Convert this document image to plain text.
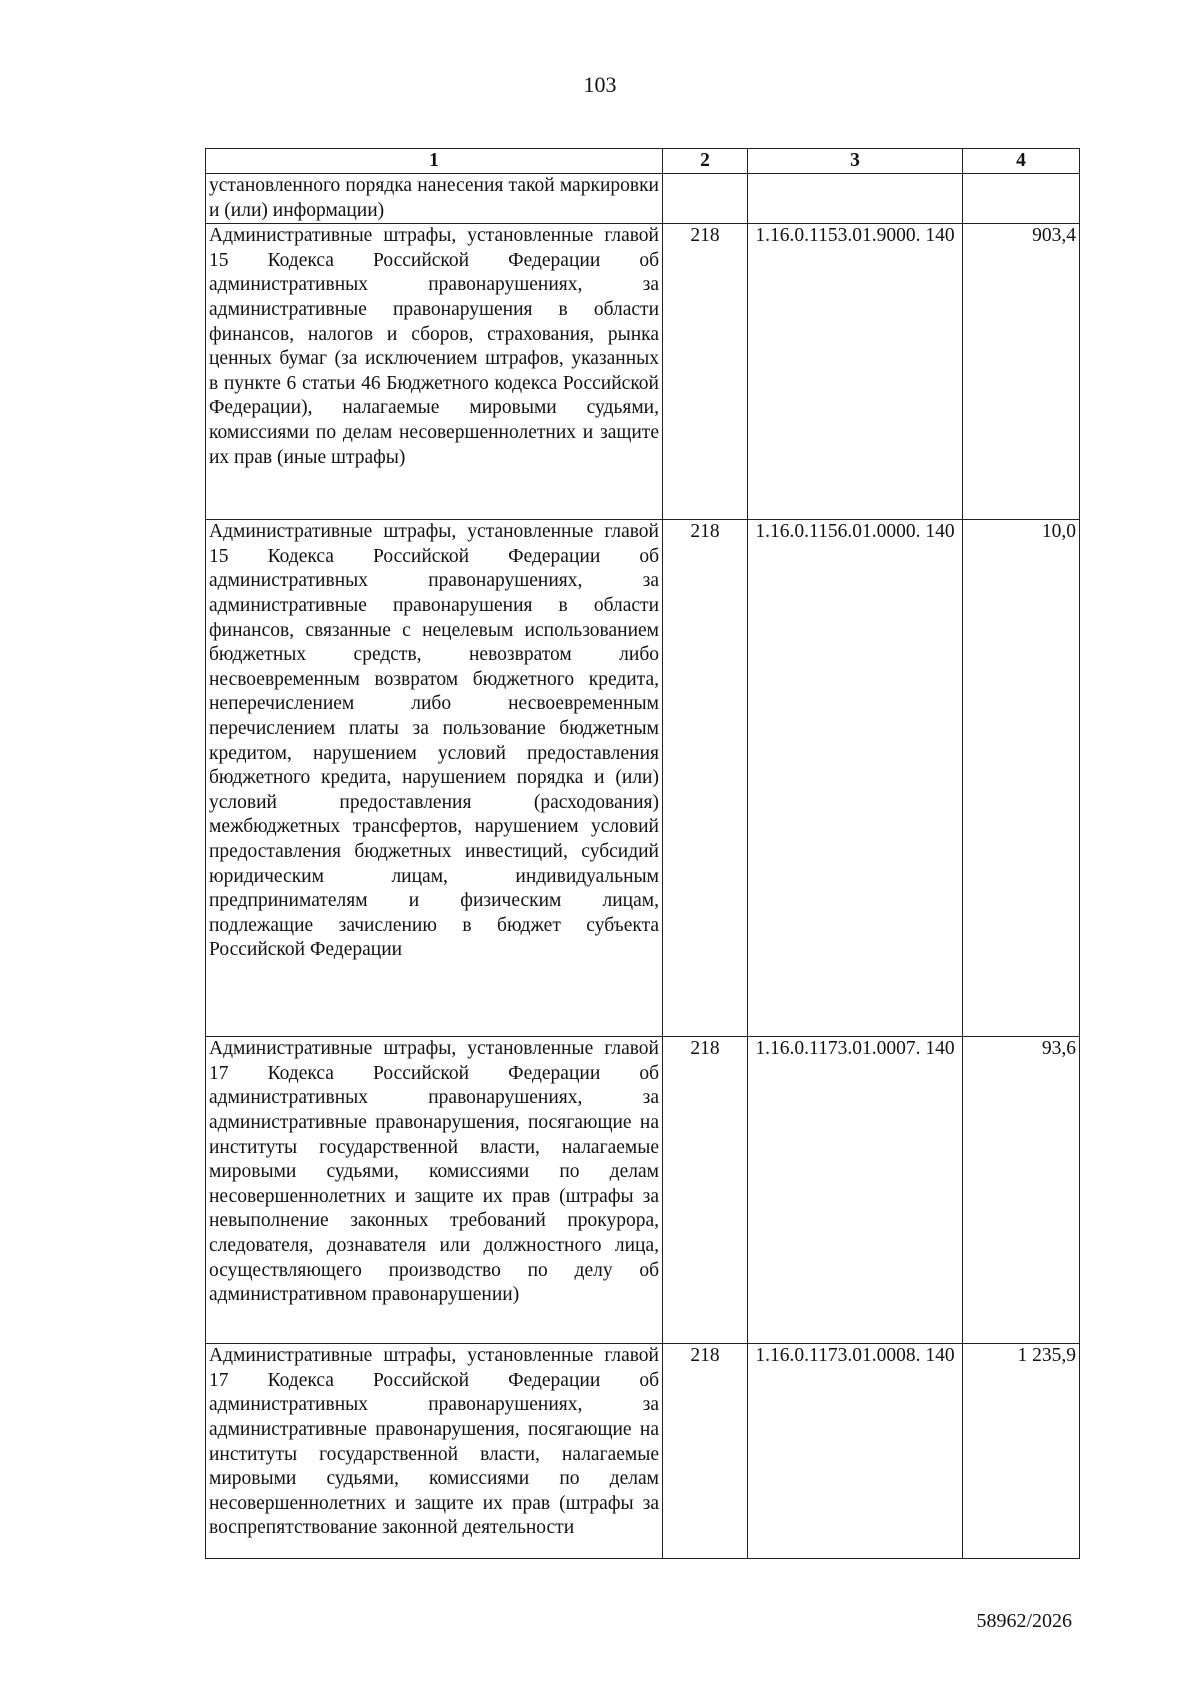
103
1	2	3	4
установленного порядка нанесения такой маркировки и (или) информации)			
Административные штрафы, установленные главой 15 Кодекса Российской Федерации об административных правонарушениях, за административные правонарушения в области финансов, налогов и сборов, страхования, рынка ценных бумаг (за исключением штрафов, указанных в пункте 6 статьи 46 Бюджетного кодекса Российской Федерации), налагаемые мировыми судьями, комиссиями по делам несовершеннолетних и защите их прав (иные штрафы)	218	1.16.0.1153.01.9000. 140	903,4
Административные штрафы, установленные главой 15 Кодекса Российской Федерации об административных правонарушениях, за административные правонарушения в области финансов, связанные с нецелевым использованием бюджетных средств, невозвратом либо несвоевременным возвратом бюджетного кредита, неперечислением либо несвоевременным перечислением платы за пользование бюджетным кредитом, нарушением условий предоставления бюджетного кредита, нарушением порядка и (или) условий предоставления (расходования) межбюджетных трансфертов, нарушением условий предоставления бюджетных инвестиций, субсидий юридическим лицам, индивидуальным предпринимателям и физическим лицам, подлежащие зачислению в бюджет субъекта Российской Федерации	218	1.16.0.1156.01.0000. 140	10,0
Административные штрафы, установленные главой 17 Кодекса Российской Федерации об административных правонарушениях, за административные правонарушения, посягающие на институты государственной власти, налагаемые мировыми судьями, комиссиями по делам несовершеннолетних и защите их прав (штрафы за невыполнение законных требований прокурора, следователя, дознавателя или должностного лица, осуществляющего производство по делу об административном правонарушении)	218	1.16.0.1173.01.0007. 140	93,6
Административные штрафы, установленные главой 17 Кодекса Российской Федерации об административных правонарушениях, за административные правонарушения, посягающие на институты государственной власти, налагаемые мировыми судьями, комиссиями по делам несовершеннолетних и защите их прав (штрафы за воспрепятствование законной деятельности	218	1.16.0.1173.01.0008. 140	1 235,9
58962/2026
